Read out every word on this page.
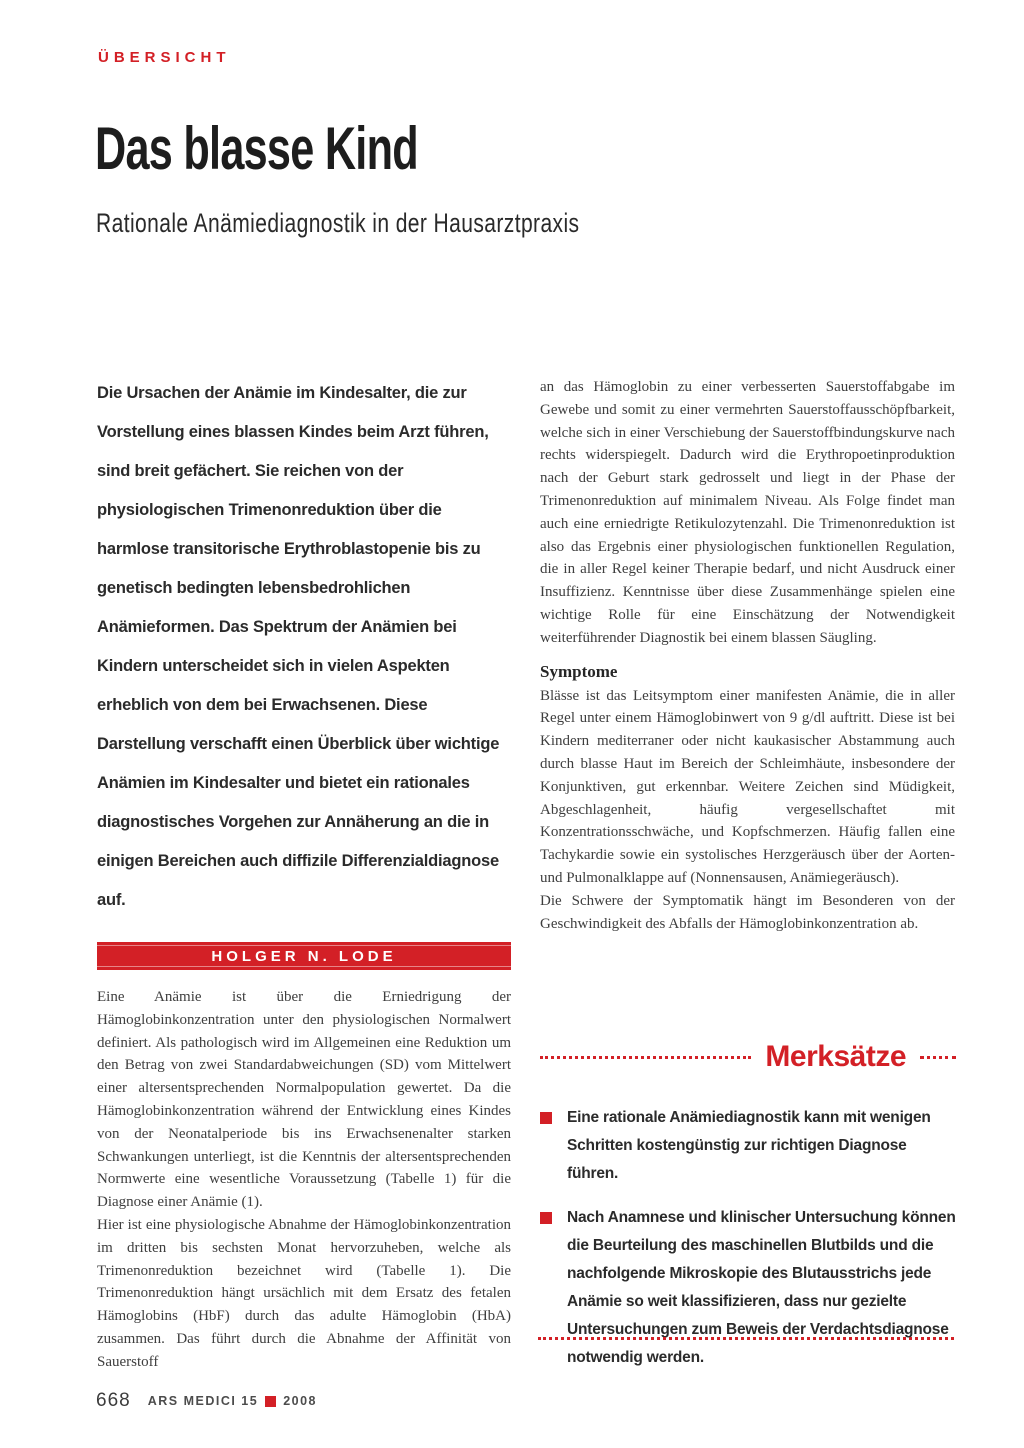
ÜBERSICHT
Das blasse Kind
Rationale Anämiediagnostik in der Hausarztpraxis
Die Ursachen der Anämie im Kindesalter, die zur Vorstellung eines blassen Kindes beim Arzt führen, sind breit gefächert. Sie reichen von der physiologischen Trimenonreduktion über die harmlose transitorische Erythroblastopenie bis zu genetisch bedingten lebensbedrohlichen Anämieformen. Das Spektrum der Anämien bei Kindern unterscheidet sich in vielen Aspekten erheblich von dem bei Erwachsenen. Diese Darstellung verschafft einen Überblick über wichtige Anämien im Kindesalter und bietet ein rationales diagnostisches Vorgehen zur Annäherung an die in einigen Bereichen auch diffizile Differenzialdiagnose auf.
HOLGER N. LODE

Eine Anämie ist über die Erniedrigung der Hämoglobinkonzentration unter den physiologischen Normalwert definiert. Als pathologisch wird im Allgemeinen eine Reduktion um den Betrag von zwei Standardabweichungen (SD) vom Mittelwert einer altersentsprechenden Normalpopulation gewertet. Da die Hämoglobinkonzentration während der Entwicklung eines Kindes von der Neonatalperiode bis ins Erwachsenenalter starken Schwankungen unterliegt, ist die Kenntnis der altersentsprechenden Normwerte eine wesentliche Voraussetzung (Tabelle 1) für die Diagnose einer Anämie (1).

Hier ist eine physiologische Abnahme der Hämoglobinkonzentration im dritten bis sechsten Monat hervorzuheben, welche als Trimenonreduktion bezeichnet wird (Tabelle 1). Die Trimenonreduktion hängt ursächlich mit dem Ersatz des fetalen Hämoglobins (HbF) durch das adulte Hämoglobin (HbA) zusammen. Das führt durch die Abnahme der Affinität von Sauerstoff

an das Hämoglobin zu einer verbesserten Sauerstoffabgabe im Gewebe und somit zu einer vermehrten Sauerstoffausschöpfbarkeit, welche sich in einer Verschiebung der Sauerstoffbindungskurve nach rechts widerspiegelt. Dadurch wird die Erythropoetinproduktion nach der Geburt stark gedrosselt und liegt in der Phase der Trimenonreduktion auf minimalem Niveau. Als Folge findet man auch eine erniedrigte Retikulozytenzahl. Die Trimenonreduktion ist also das Ergebnis einer physiologischen funktionellen Regulation, die in aller Regel keiner Therapie bedarf, und nicht Ausdruck einer Insuffizienz. Kenntnisse über diese Zusammenhänge spielen eine wichtige Rolle für eine Einschätzung der Notwendigkeit weiterführender Diagnostik bei einem blassen Säugling.

Symptome

Blässe ist das Leitsymptom einer manifesten Anämie, die in aller Regel unter einem Hämoglobinwert von 9 g/dl auftritt. Diese ist bei Kindern mediterraner oder nicht kaukasischer Abstammung auch durch blasse Haut im Bereich der Schleimhäute, insbesondere der Konjunktiven, gut erkennbar. Weitere Zeichen sind Müdigkeit, Abgeschlagenheit, häufig vergesellschaftet mit Konzentrationsschwäche, und Kopfschmerzen. Häufig fallen eine Tachykardie sowie ein systolisches Herzgeräusch über der Aorten- und Pulmonalklappe auf (Nonnensausen, Anämiegeräusch).

Die Schwere der Symptomatik hängt im Besonderen von der Geschwindigkeit des Abfalls der Hämoglobinkonzentration ab.

Merksätze
Eine rationale Anämiediagnostik kann mit wenigen Schritten kostengünstig zur richtigen Diagnose führen.
Nach Anamnese und klinischer Untersuchung können die Beurteilung des maschinellen Blutbilds und die nachfolgende Mikroskopie des Blutausstrichs jede Anämie so weit klassifizieren, dass nur gezielte Untersuchungen zum Beweis der Verdachtsdiagnose notwendig werden.
668 ARS MEDICI 15 2008
